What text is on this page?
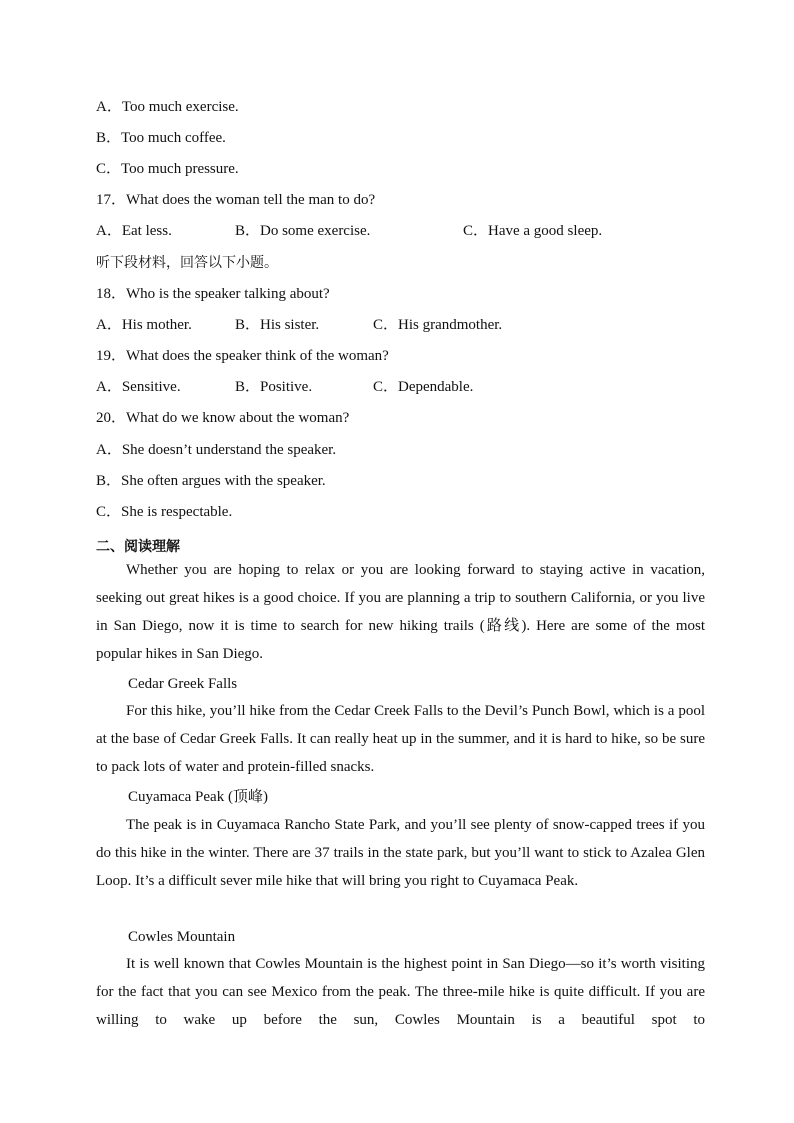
A．Too much exercise.
B．Too much coffee.
C．Too much pressure.
17．What does the woman tell the man to do?
A．Eat less.	B．Do some exercise.	C．Have a good sleep.
听下段材料，回答以下小题。
18．Who is the speaker talking about?
A．His mother.	B．His sister.	C．His grandmother.
19．What does the speaker think of the woman?
A．Sensitive.	B．Positive.	C．Dependable.
20．What do we know about the woman?
A．She doesn’t understand the speaker.
B．She often argues with the speaker.
C．She is respectable.
二、阅读理解
Whether you are hoping to relax or you are looking forward to staying active in vacation, seeking out great hikes is a good choice. If you are planning a trip to southern California, or you live in San Diego, now it is time to search for new hiking trails (路线). Here are some of the most popular hikes in San Diego.
Cedar Greek Falls
For this hike, you’ll hike from the Cedar Creek Falls to the Devil’s Punch Bowl, which is a pool at the base of Cedar Greek Falls. It can really heat up in the summer, and it is hard to hike, so be sure to pack lots of water and protein-filled snacks.
Cuyamaca Peak (顶峰)
The peak is in Cuyamaca Rancho State Park, and you’ll see plenty of snow-capped trees if you do this hike in the winter. There are 37 trails in the state park, but you’ll want to stick to Azalea Glen Loop. It’s a difficult sever mile hike that will bring you right to Cuyamaca Peak.
Cowles Mountain
It is well known that Cowles Mountain is the highest point in San Diego—so it’s worth visiting for the fact that you can see Mexico from the peak. The three-mile hike is quite difficult. If you are willing to wake up before the sun, Cowles Mountain is a beautiful spot to
